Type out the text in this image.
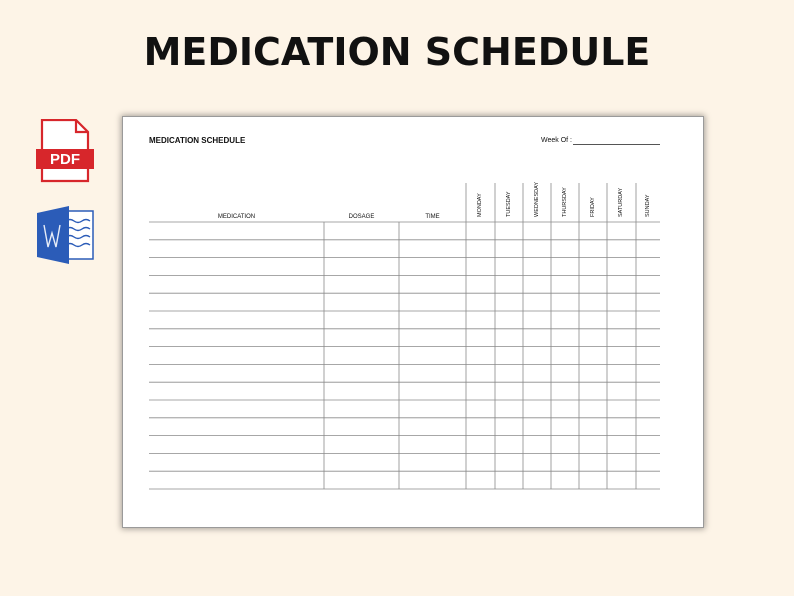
MEDICATION SCHEDULE
PDF
MEDICATION SCHEDULE	Week Of :
MEDICATION	DOSAGE	TIME	MONDAY	TUESDAY	WEDNESDAY	THURSDAY	FRIDAY	SATURDAY	SUNDAY
